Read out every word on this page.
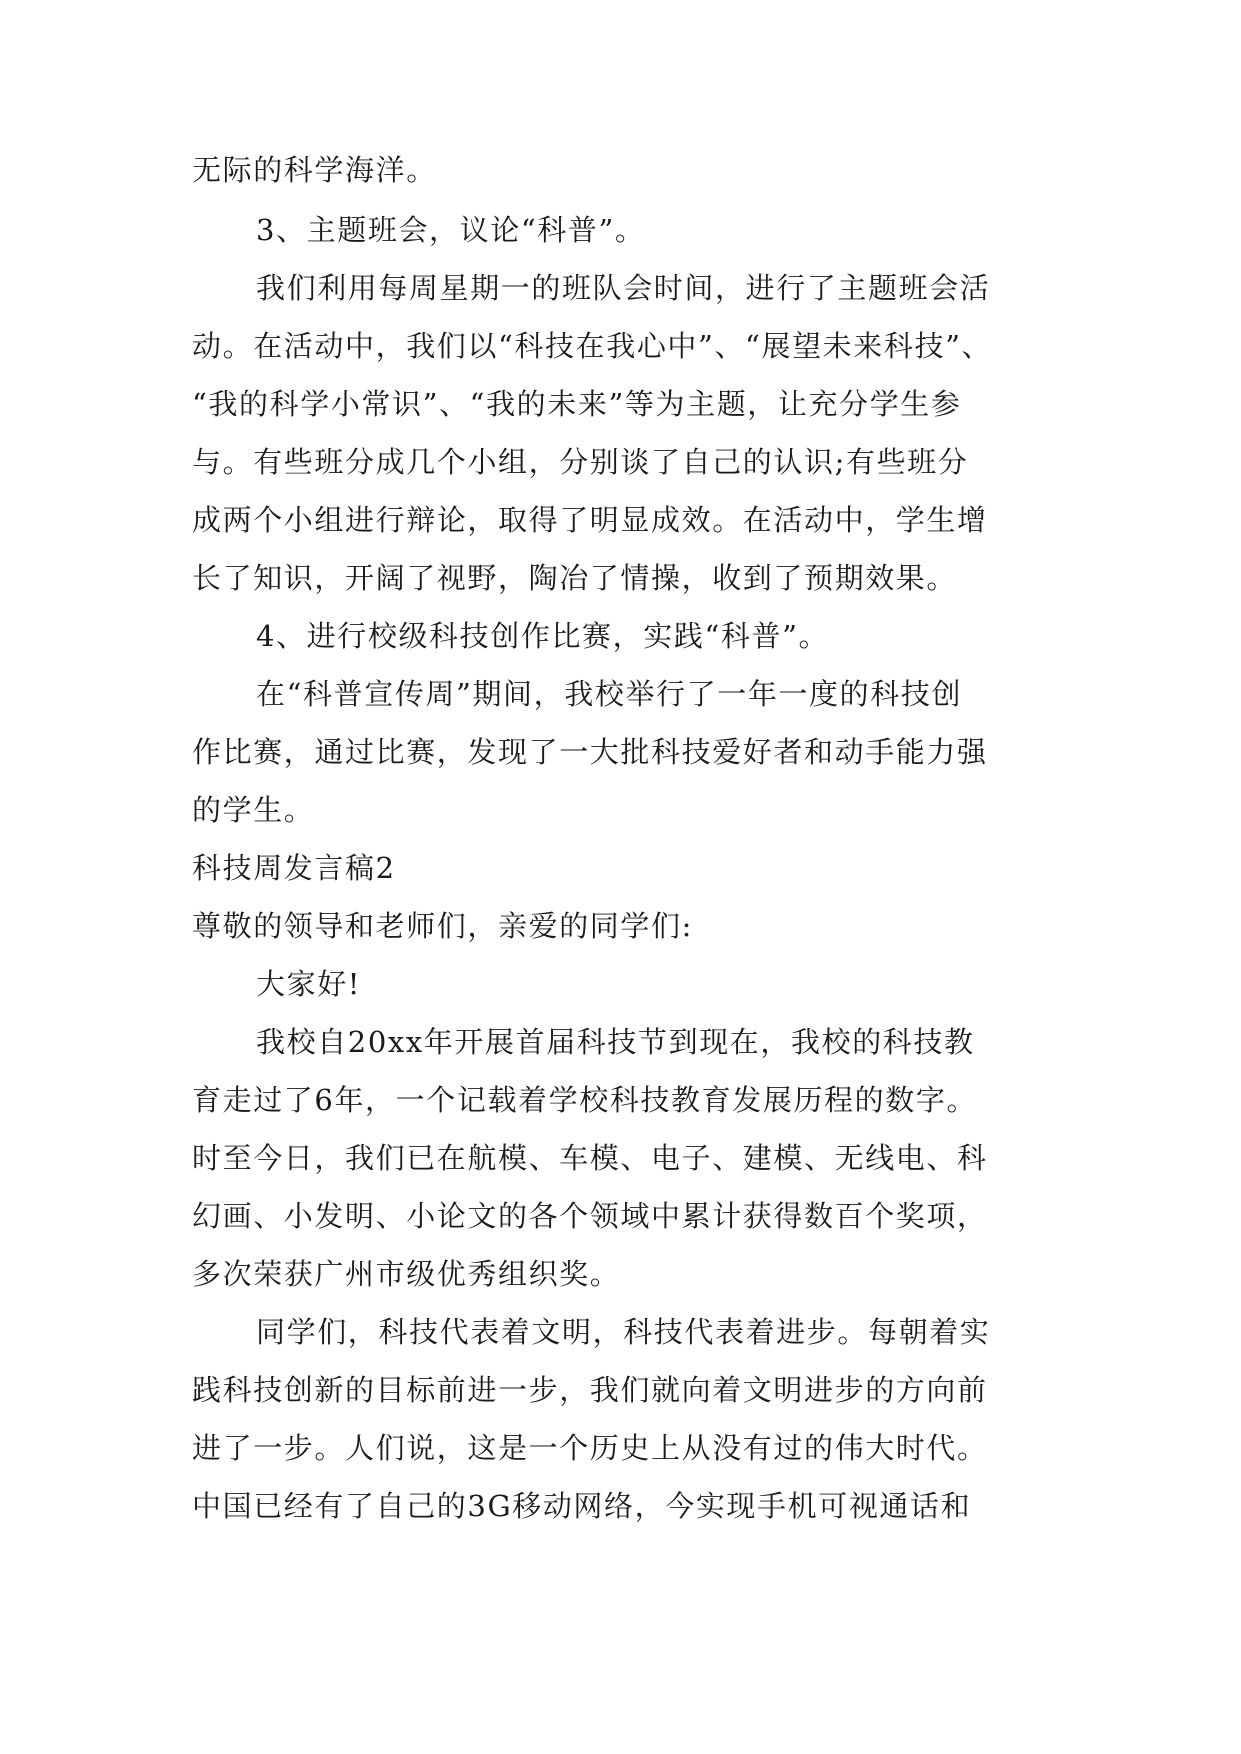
无际的科学海洋。
3、主题班会，议论“科普”。
我们利用每周星期一的班队会时间，进行了主题班会活
动。在活动中，我们以“科技在我心中”、“展望未来科技”、
“我的科学小常识”、“我的未来”等为主题，让充分学生参
与。有些班分成几个小组，分别谈了自己的认识;有些班分
成两个小组进行辩论，取得了明显成效。在活动中，学生增
长了知识，开阔了视野，陶冶了情操，收到了预期效果。
4、进行校级科技创作比赛，实践“科普”。
在“科普宣传周”期间，我校举行了一年一度的科技创
作比赛，通过比赛，发现了一大批科技爱好者和动手能力强
的学生。
科技周发言稿2
尊敬的领导和老师们，亲爱的同学们:
大家好!
我校自20xx年开展首届科技节到现在，我校的科技教
育走过了6年，一个记载着学校科技教育发展历程的数字。
时至今日，我们已在航模、车模、电子、建模、无线电、科
幻画、小发明、小论文的各个领域中累计获得数百个奖项，
多次荣获广州市级优秀组织奖。
同学们，科技代表着文明，科技代表着进步。每朝着实
践科技创新的目标前进一步，我们就向着文明进步的方向前
进了一步。人们说，这是一个历史上从没有过的伟大时代。
中国已经有了自己的3G移动网络，今实现手机可视通话和
